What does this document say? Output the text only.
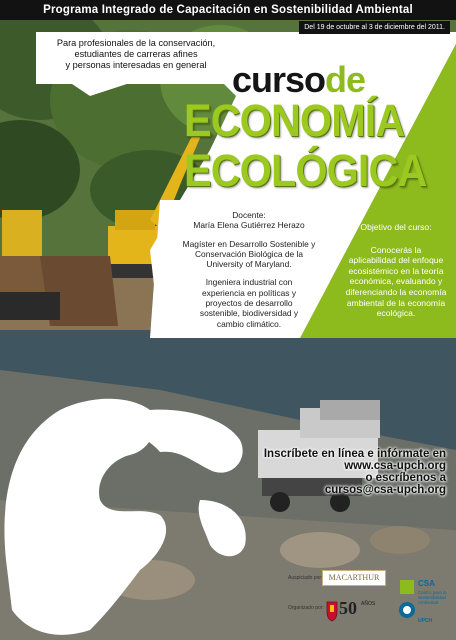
Programa Integrado de Capacitación en Sostenibilidad Ambiental
Del 19 de octubre al 3 de diciembre del 2011.
Para profesionales de la conservación,
estudiantes de carreras afines
y personas interesadas en general cursode
ECONOMÍA
ECOLÓGICA

Docente:
María Elena Gutiérrez Herazo

Magíster en Desarrollo Sostenible y
Conservación Biológica de la
University of Maryland.

Ingeniera industrial con
experiencia en políticas y
proyectos de desarrollo
sostenible, biodiversidad y
cambio climático.

Objetivo del curso:
Conocerás la
aplicabilidad del enfoque
ecosistémico en la teoría
económica, evaluando y
diferenciando la economía
ambiental de la economía
ecológica.
Inscríbete en línea e infórmate en
www.csa-upch.org
o escríbenos a
cursos@csa-upch.org
Auspiciado por: MACARTHUR
Organizado por: 50 AÑOS
CSA
Centro para la Sostenibilidad Ambiental
UPCH
